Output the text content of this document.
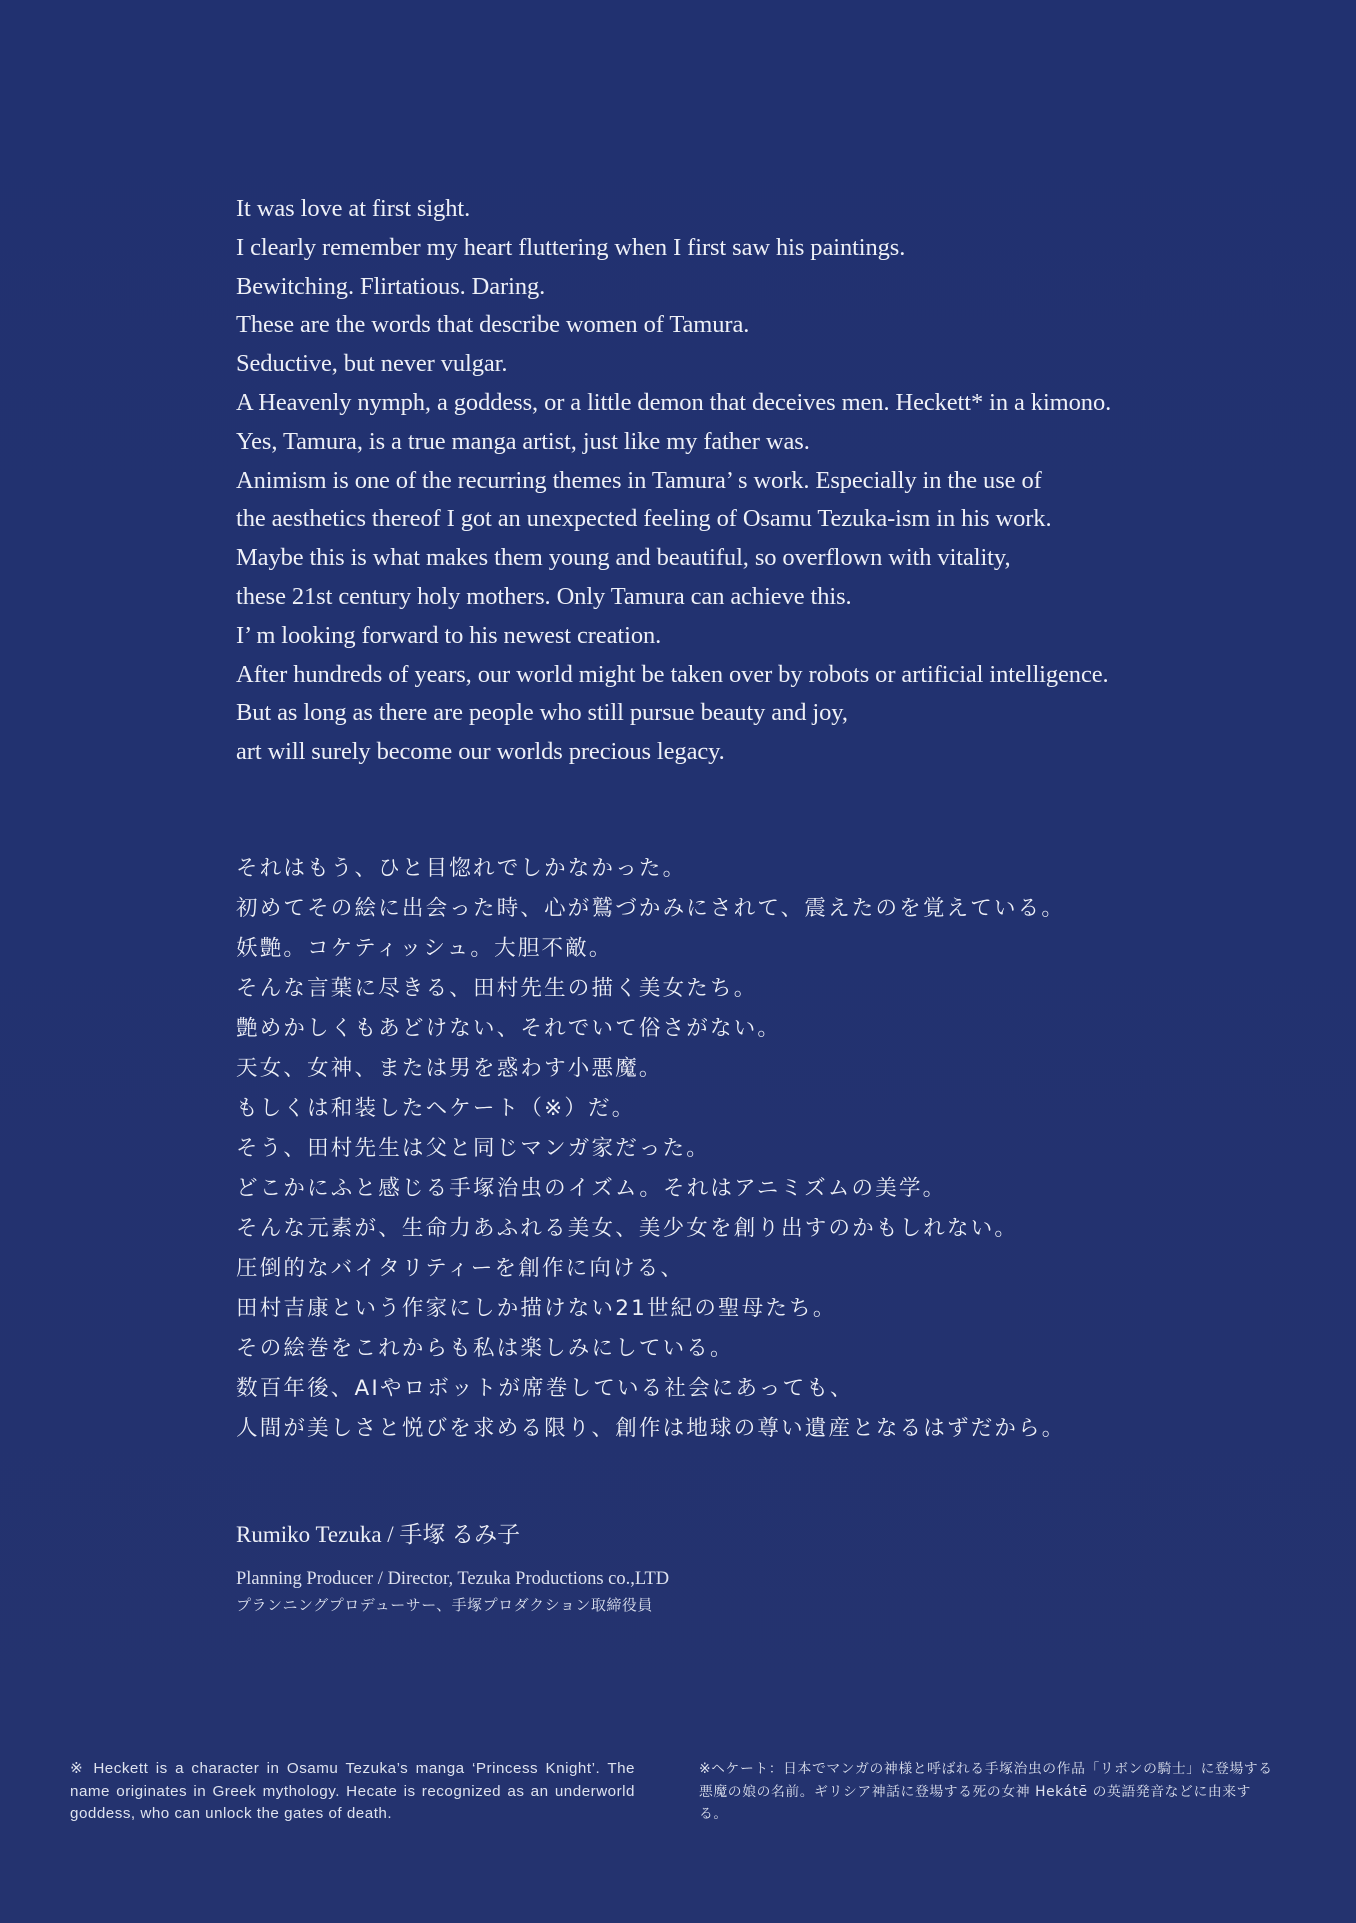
It was love at first sight.
I clearly remember my heart fluttering when I first saw his paintings.
Bewitching. Flirtatious. Daring.
These are the words that describe women of Tamura.
Seductive, but never vulgar.
A Heavenly nymph, a goddess, or a little demon that deceives men. Heckett* in a kimono.
Yes, Tamura, is a true manga artist, just like my father was.
Animism is one of the recurring themes in Tamura’ s work. Especially in the use of
the aesthetics thereof I got an unexpected feeling of Osamu Tezuka-ism in his work.
Maybe this is what makes them young and beautiful, so overflown with vitality,
these 21st century holy mothers. Only Tamura can achieve this.
I’ m looking forward to his newest creation.
After hundreds of years, our world might be taken over by robots or artificial intelligence.
But as long as there are people who still pursue beauty and joy,
art will surely become our worlds precious legacy.
それはもう、ひと目惚れでしかなかった。
初めてその絵に出会った時、心が鷲づかみにされて、震えたのを覚えている。
妖艶。コケティッシュ。大胆不敵。
そんな言葉に尽きる、田村先生の描く美女たち。
艶めかしくもあどけない、それでいて俗さがない。
天女、女神、または男を惑わす小悪魔。
もしくは和装したヘケート（※）だ。
そう、田村先生は父と同じマンガ家だった。
どこかにふと感じる手塚治虫のイズム。それはアニミズムの美学。
そんな元素が、生命力あふれる美女、美少女を創り出すのかもしれない。
圧倒的なバイタリティーを創作に向ける、
田村吉康という作家にしか描けない21世紀の聖母たち。
その絵巻をこれからも私は楽しみにしている。
数百年後、AIやロボットが席巻している社会にあっても、
人間が美しさと悦びを求める限り、創作は地球の尊い遺産となるはずだから。
Rumiko Tezuka / 手塚 るみ子
Planning Producer / Director, Tezuka Productions co.,LTD
プランニングプロデューサー、手塚プロダクション取締役員
※ Heckett is a character in Osamu Tezuka’s manga ‘Princess Knight’. The name originates in Greek mythology. Hecate is recognized as an underworld goddess, who can unlock the gates of death.
※ヘケート：日本でマンガの神様と呼ばれる手塚治虫の作品「リボンの騎士」に登場する悪魔の娘の名前。ギリシア神話に登場する死の女神 Hekátē の英語発音などに由来する。
